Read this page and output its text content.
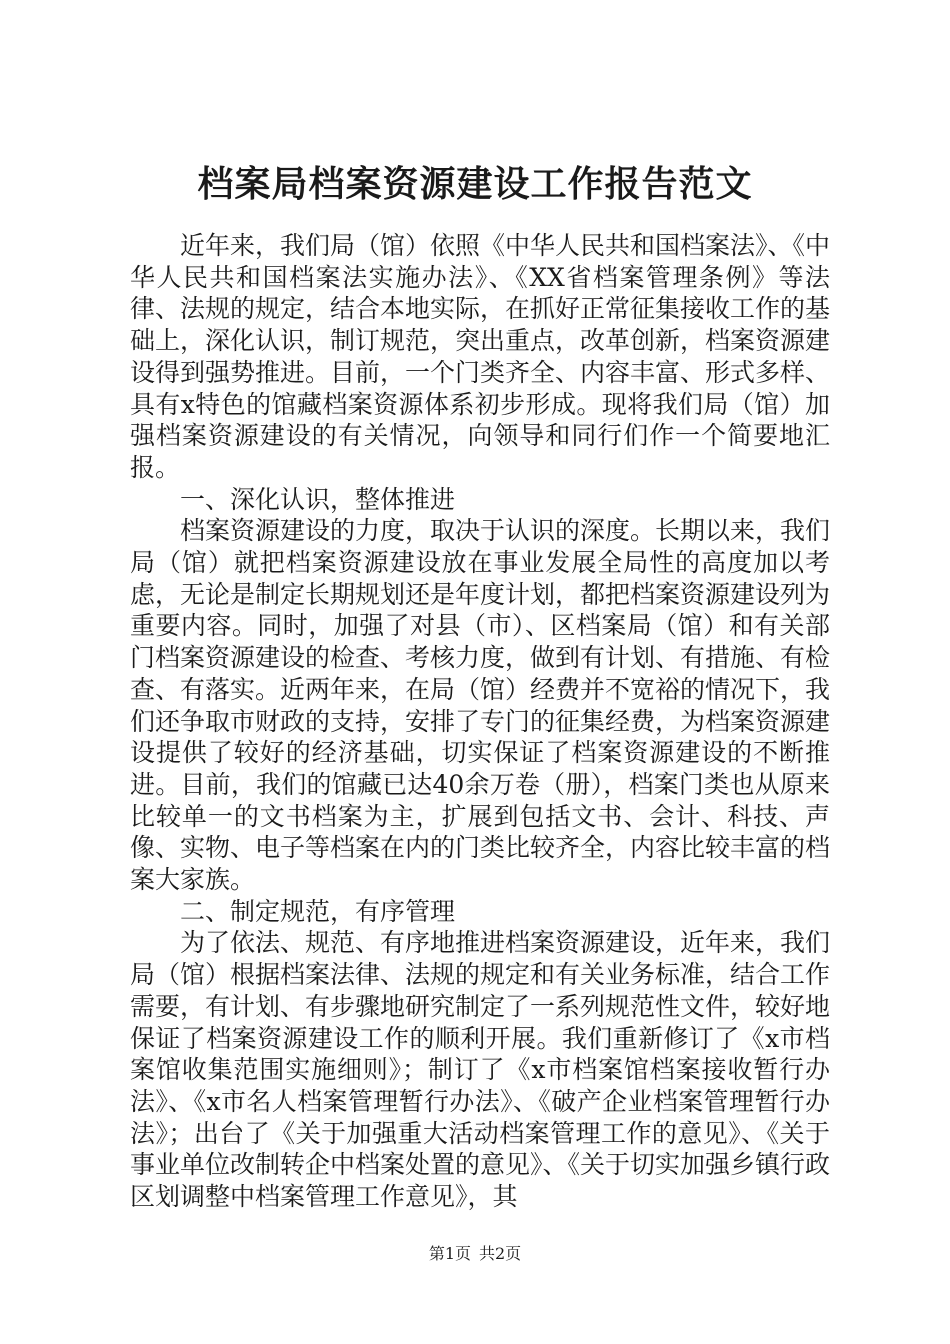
档案局档案资源建设工作报告范文

近年来，我们局（馆）依照《中华人民共和国档案法》、《中华人民共和国档案法实施办法》、《XX省档案管理条例》等法律、法规的规定，结合本地实际，在抓好正常征集接收工作的基础上，深化认识，制订规范，突出重点，改革创新，档案资源建设得到强势推进。目前，一个门类齐全、内容丰富、形式多样、具有x特色的馆藏档案资源体系初步形成。现将我们局（馆）加强档案资源建设的有关情况，向领导和同行们作一个简要地汇报。

一、深化认识，整体推进

档案资源建设的力度，取决于认识的深度。长期以来，我们局（馆）就把档案资源建设放在事业发展全局性的高度加以考虑，无论是制定长期规划还是年度计划，都把档案资源建设列为重要内容。同时，加强了对县（市）、区档案局（馆）和有关部门档案资源建设的检查、考核力度，做到有计划、有措施、有检查、有落实。近两年来，在局（馆）经费并不宽裕的情况下，我们还争取市财政的支持，安排了专门的征集经费，为档案资源建设提供了较好的经济基础，切实保证了档案资源建设的不断推进。目前，我们的馆藏已达40余万卷（册），档案门类也从原来比较单一的文书档案为主，扩展到包括文书、会计、科技、声像、实物、电子等档案在内的门类比较齐全，内容比较丰富的档案大家族。

二、制定规范，有序管理

为了依法、规范、有序地推进档案资源建设，近年来，我们局（馆）根据档案法律、法规的规定和有关业务标准，结合工作需要，有计划、有步骤地研究制定了一系列规范性文件，较好地保证了档案资源建设工作的顺利开展。我们重新修订了《x市档案馆收集范围实施细则》；制订了《x市档案馆档案接收暂行办法》、《x市名人档案管理暂行办法》、《破产企业档案管理暂行办法》；出台了《关于加强重大活动档案管理工作的意见》、《关于事业单位改制转企中档案处置的意见》、《关于切实加强乡镇行政区划调整中档案管理工作意见》，其

第1页 共2页
